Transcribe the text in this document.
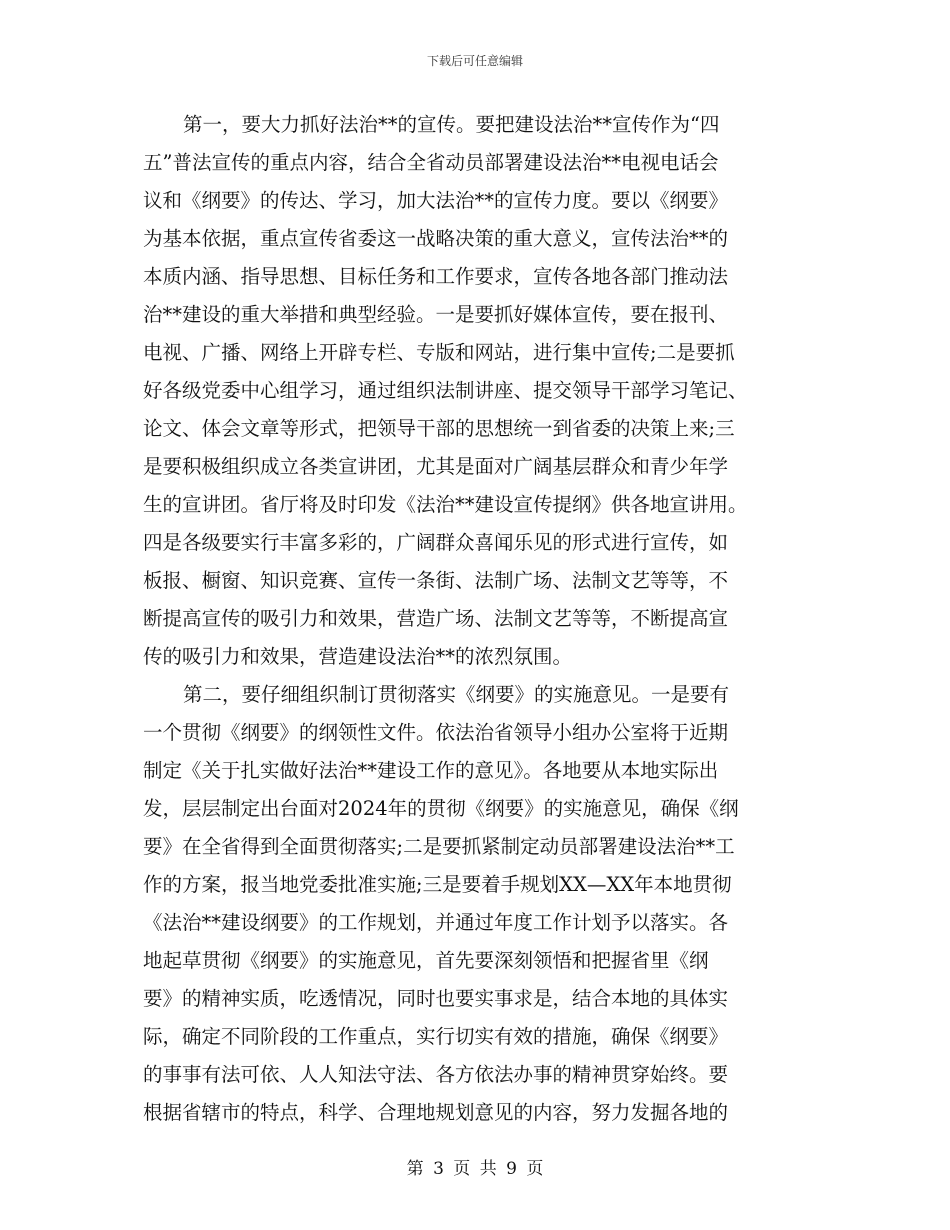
下载后可任意编辑
第一，要大力抓好法治**的宣传。要把建设法治**宣传作为“四
五”普法宣传的重点内容，结合全省动员部署建设法治**电视电话会
议和《纲要》的传达、学习，加大法治**的宣传力度。要以《纲要》
为基本依据，重点宣传省委这一战略决策的重大意义，宣传法治**的
本质内涵、指导思想、目标任务和工作要求，宣传各地各部门推动法
治**建设的重大举措和典型经验。一是要抓好媒体宣传，要在报刊、
电视、广播、网络上开辟专栏、专版和网站，进行集中宣传;二是要抓
好各级党委中心组学习，通过组织法制讲座、提交领导干部学习笔记、
论文、体会文章等形式，把领导干部的思想统一到省委的决策上来;三
是要积极组织成立各类宣讲团，尤其是面对广阔基层群众和青少年学
生的宣讲团。省厅将及时印发《法治**建设宣传提纲》供各地宣讲用。
四是各级要实行丰富多彩的，广阔群众喜闻乐见的形式进行宣传，如
板报、橱窗、知识竞赛、宣传一条街、法制广场、法制文艺等等，不
断提高宣传的吸引力和效果，营造广场、法制文艺等等，不断提高宣
传的吸引力和效果，营造建设法治**的浓烈氛围。
第二，要仔细组织制订贯彻落实《纲要》的实施意见。一是要有
一个贯彻《纲要》的纲领性文件。依法治省领导小组办公室将于近期
制定《关于扎实做好法治**建设工作的意见》。各地要从本地实际出
发，层层制定出台面对2024年的贯彻《纲要》的实施意见，确保《纲
要》在全省得到全面贯彻落实;二是要抓紧制定动员部署建设法治**工
作的方案，报当地党委批准实施;三是要着手规划XX—XX年本地贯彻
《法治**建设纲要》的工作规划，并通过年度工作计划予以落实。各
地起草贯彻《纲要》的实施意见，首先要深刻领悟和把握省里《纲
要》的精神实质，吃透情况，同时也要实事求是，结合本地的具体实
际，确定不同阶段的工作重点，实行切实有效的措施，确保《纲要》
的事事有法可依、人人知法守法、各方依法办事的精神贯穿始终。要
根据省辖市的特点，科学、合理地规划意见的内容，努力发掘各地的
第 3 页 共 9 页
